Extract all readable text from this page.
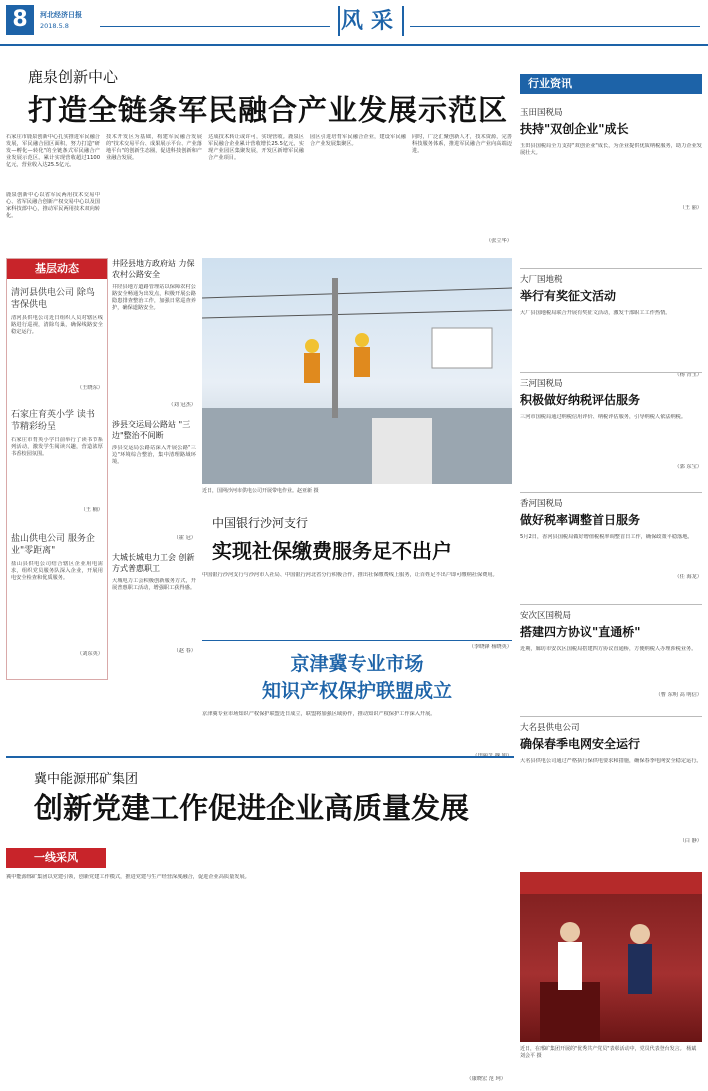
8	河北经济日报
2018.5.8	风采
鹿泉创新中心
打造全链条军民融合产业发展示范区
石家庄市鹿泉创新中心扎实推进军民融合发展，军民融合园区面积，努力打造"研发—孵化—转化"的全链条式军民融合产业发展示范区。累计实现营收超过1100亿元，营业收入达25.5亿元。
鹿泉创新中心以省军民两用技术交易中心、省军民融合创新产权交易中心以及国家科技部中心，推动军民两用技术双向转化。
技术开发区为基础，构建军民融合发展的"技术交易平台、成果展示平台、产业落地平台"的创新生态圈，促进科技创新和产业融合发展。
达成技术转让或许可，实现营收。鹿泉区军民融合企业累计营收增长25.5亿元，实现产业园区集聚发展，开发区新增军民融合产业项目。
园区引进培育军民融合企业，建设军民融合产业发展集聚区。
同时，广泛汇聚创新人才，技术资源，完善科技服务体系，推进军民融合产业向高端迈进。
（张立华）
基层动态
清河县供电公司 除鸟害保供电
清河县供电公司近日组织人员对辖区线路进行巡视，清除鸟巢，确保线路安全稳定运行。
（王晓东）
石家庄育英小学 读书节精彩纷呈
石家庄市育英小学日前举行了读书节系列活动，激发学生阅读兴趣，营造浓厚书香校园氛围。
（王 楠）
盐山供电公司 服务企业"零距离"
盐山县供电公司结合辖区企业用电需求，组织党员服务队深入企业，开展用电安全检查和优质服务。
（刘东英）
井陉县地方政府站 力保农村公路安全
井陉县地方道路管理站以保障农村公路安全畅通为出发点，积极开展公路隐患排查整治工作，加强日常巡查养护，确保道路安全。
（刘 冠杰）
涉县交运局公路站 "三边"整治不间断
涉县交运局公路站深入开展公路"三边"环境综合整治，集中清理路域环境。
（霍 冠）
大城长城电力工会 创新方式普惠职工
大城电力工会积极创新服务方式，开展普惠职工活动，增强职工获得感。
（赵 春）
近日，国网沙河市供电公司开展带电作业。赵亚新 摄
中国银行沙河支行
实现社保缴费服务足不出户
中国银行沙河支行与沙河市人社局、中国银行河北省分行积极合作，推出社保缴费线上服务，让百姓足不出户即可缴纳社保费用。
（李晓锋 杨晓英）
京津冀专业市场
知识产权保护联盟成立
京津冀专业市场知识产权保护联盟近日成立，联盟将加强区域协作，推动知识产权保护工作深入开展。
（田丽芝 魏 娟）
冀中能源邢矿集团
创新党建工作促进企业高质量发展
一线采风
冀中能源邢矿集团以党建引领，创新党建工作模式，推进党建与生产经营深度融合，促进企业高质量发展。
（康晓宏 范 珂）
行业资讯
玉田国税局
扶持"双创企业"成长
玉田县国税局全力支持"双创企业"成长，为企业提供优质纳税服务，助力企业发展壮大。
（王 丽）
大厂国地税
举行有奖征文活动
大厂县国地税局联合开展有奖征文活动，激发干部职工工作热情。
（杨 青玉）
三河国税局
积极做好纳税评估服务
三河市国税局通过纳税信用评价、纳税评估服务，引导纳税人依法纳税。
（郭 东宝）
香河国税局
做好税率调整首日服务
5月2日，香河县国税局做好增值税税率调整首日工作，确保政策平稳落地。
（任 海龙）
安次区国税局
搭建四方协议"直通桥"
近期，廊坊市安次区国税局搭建四方协议直通桥，方便纳税人办理涉税业务。
（曹 东明 高 明信）
大名县供电公司
确保春季电网安全运行
大名县供电公司通过严格执行保供电要求和措施，确保春季电网安全稳定运行。
（白 静）
近日，在邢矿集团开展的"优秀共产党员"表彰活动中，党员代表登台发言。 杨斌 刘会平 摄
